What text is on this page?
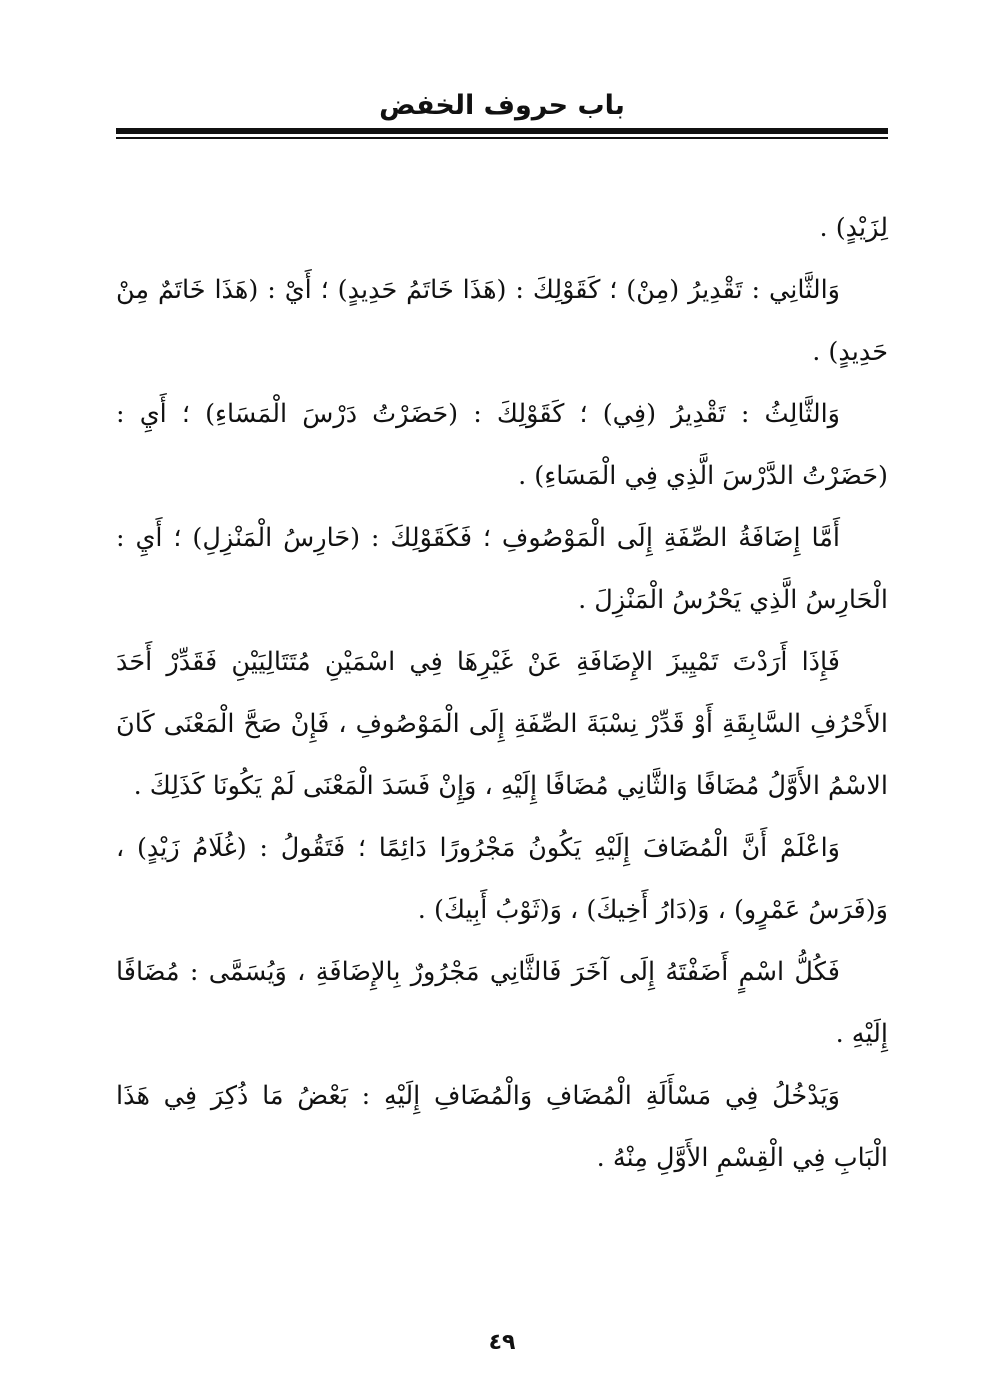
باب حروف الخفض

لِزَيْدٍ) .

وَالثَّانِي : تَقْدِيرُ (مِنْ) ؛ كَقَوْلِكَ : (هَذَا خَاتَمُ حَدِيدٍ) ؛ أَيْ : (هَذَا خَاتَمٌ مِنْ حَدِيدٍ) .

وَالثَّالِثُ : تَقْدِيرُ (فِي) ؛ كَقَوْلِكَ : (حَضَرْتُ دَرْسَ الْمَسَاءِ) ؛ أَيِ : (حَضَرْتُ الدَّرْسَ الَّذِي فِي الْمَسَاءِ) .

أَمَّا إِضَافَةُ الصِّفَةِ إِلَى الْمَوْصُوفِ ؛ فَكَقَوْلِكَ : (حَارِسُ الْمَنْزِلِ) ؛ أَيِ : الْحَارِسُ الَّذِي يَحْرُسُ الْمَنْزِلَ .

فَإِذَا أَرَدْتَ تَمْيِيزَ الإِضَافَةِ عَنْ غَيْرِهَا فِي اسْمَيْنِ مُتَتَالِيَيْنِ فَقَدِّرْ أَحَدَ الأَحْرُفِ السَّابِقَةِ أَوْ قَدِّرْ نِسْبَةَ الصِّفَةِ إِلَى الْمَوْصُوفِ ، فَإِنْ صَحَّ الْمَعْنَى كَانَ الاسْمُ الأَوَّلُ مُضَافًا وَالثَّانِي مُضَافًا إِلَيْهِ ، وَإِنْ فَسَدَ الْمَعْنَى لَمْ يَكُونَا كَذَلِكَ .

وَاعْلَمْ أَنَّ الْمُضَافَ إِلَيْهِ يَكُونُ مَجْرُورًا دَائِمًا ؛ فَتَقُولُ : (غُلَامُ زَيْدٍ) ، وَ(فَرَسُ عَمْرٍو) ، وَ(دَارُ أَخِيكَ) ، وَ(ثَوْبُ أَبِيكَ) .

فَكُلُّ اسْمٍ أَضَفْتَهُ إِلَى آخَرَ فَالثَّانِي مَجْرُورٌ بِالإِضَافَةِ ، وَيُسَمَّى : مُضَافًا إِلَيْهِ .

وَيَدْخُلُ فِي مَسْأَلَةِ الْمُضَافِ وَالْمُضَافِ إِلَيْهِ : بَعْضُ مَا ذُكِرَ فِي هَذَا الْبَابِ فِي الْقِسْمِ الأَوَّلِ مِنْهُ .

٤٩
